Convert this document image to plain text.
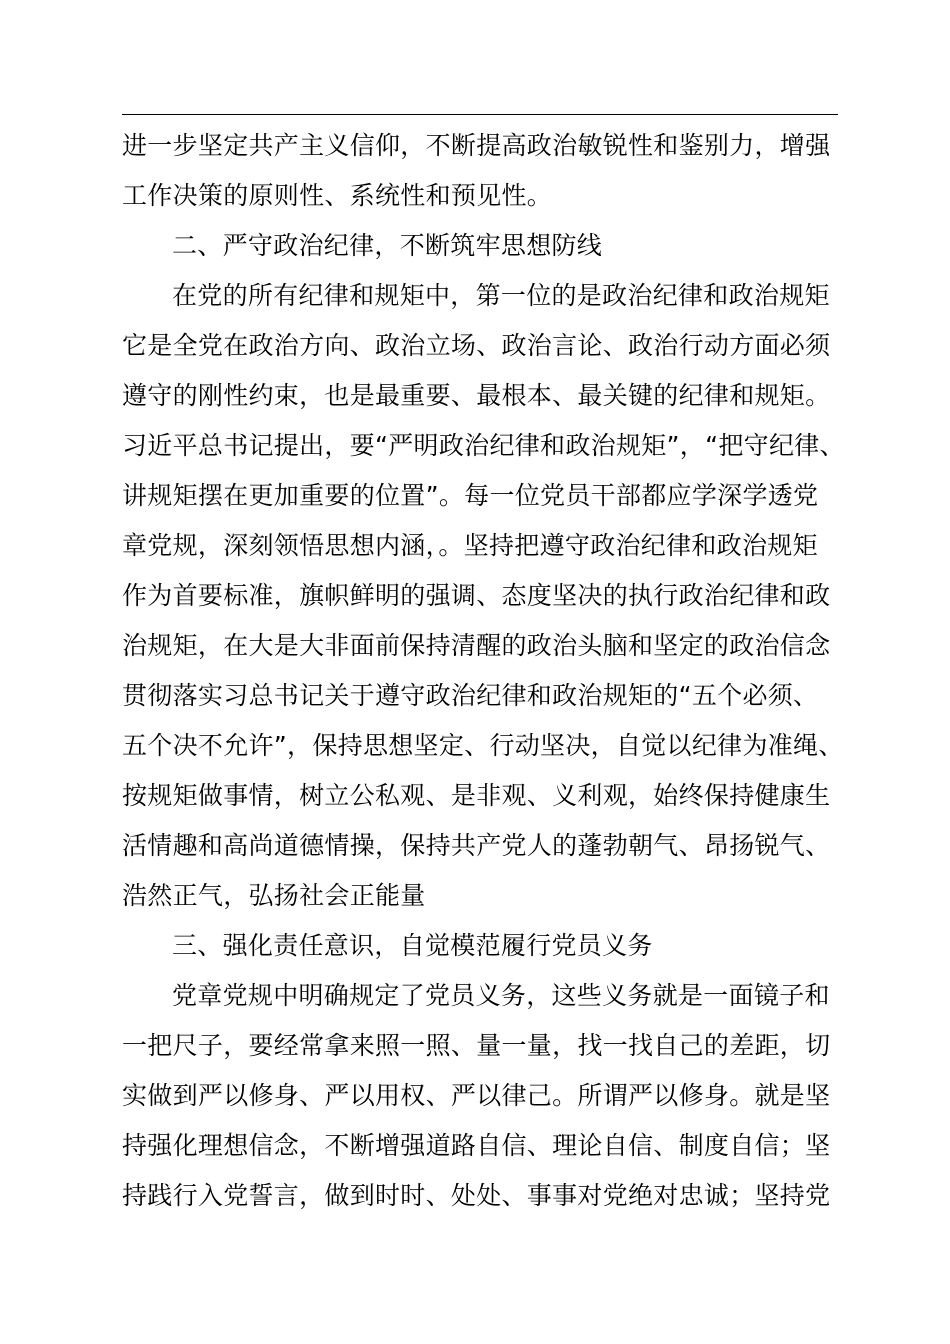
进一步坚定共产主义信仰，不断提高政治敏锐性和鉴别力，增强
工作决策的原则性、系统性和预见性。
二、严守政治纪律，不断筑牢思想防线
在党的所有纪律和规矩中，第一位的是政治纪律和政治规矩
它是全党在政治方向、政治立场、政治言论、政治行动方面必须
遵守的刚性约束，也是最重要、最根本、最关键的纪律和规矩。
习近平总书记提出，要“严明政治纪律和政治规矩”，“把守纪律、
讲规矩摆在更加重要的位置”。每一位党员干部都应学深学透党
章党规，深刻领悟思想内涵，。坚持把遵守政治纪律和政治规矩
作为首要标准，旗帜鲜明的强调、态度坚决的执行政治纪律和政
治规矩，在大是大非面前保持清醒的政治头脑和坚定的政治信念
贯彻落实习总书记关于遵守政治纪律和政治规矩的“五个必须、
五个决不允许”，保持思想坚定、行动坚决，自觉以纪律为准绳、
按规矩做事情，树立公私观、是非观、义利观，始终保持健康生
活情趣和高尚道德情操，保持共产党人的蓬勃朝气、昂扬锐气、
浩然正气，弘扬社会正能量
三、强化责任意识，自觉模范履行党员义务
党章党规中明确规定了党员义务，这些义务就是一面镜子和
一把尺子，要经常拿来照一照、量一量，找一找自己的差距，切
实做到严以修身、严以用权、严以律己。所谓严以修身。就是坚
持强化理想信念，不断增强道路自信、理论自信、制度自信；坚
持践行入党誓言，做到时时、处处、事事对党绝对忠诚；坚持党
